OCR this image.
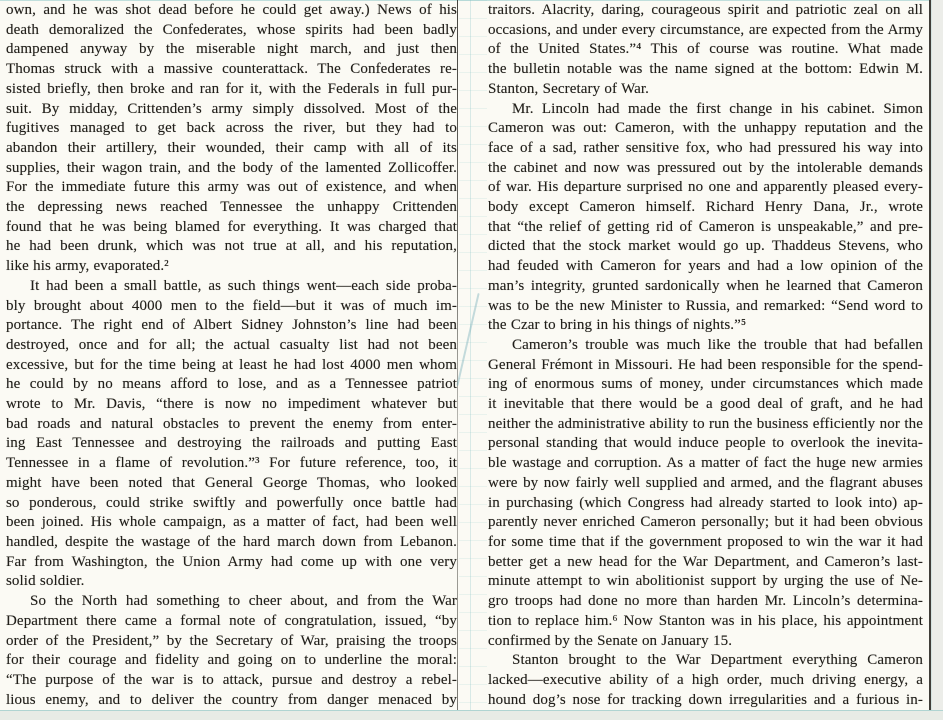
own, and he was shot dead before he could get away.) News of his
death demoralized the Confederates, whose spirits had been badly
dampened anyway by the miserable night march, and just then
Thomas struck with a massive counterattack. The Confederates re-
sisted briefly, then broke and ran for it, with the Federals in full pur-
suit. By midday, Crittenden’s army simply dissolved. Most of the
fugitives managed to get back across the river, but they had to
abandon their artillery, their wounded, their camp with all of its
supplies, their wagon train, and the body of the lamented Zollicoffer.
For the immediate future this army was out of existence, and when
the depressing news reached Tennessee the unhappy Crittenden
found that he was being blamed for everything. It was charged that
he had been drunk, which was not true at all, and his reputation,
like his army, evaporated.²
It had been a small battle, as such things went—each side proba-
bly brought about 4000 men to the field—but it was of much im-
portance. The right end of Albert Sidney Johnston’s line had been
destroyed, once and for all; the actual casualty list had not been
excessive, but for the time being at least he had lost 4000 men whom
he could by no means afford to lose, and as a Tennessee patriot
wrote to Mr. Davis, “there is now no impediment whatever but
bad roads and natural obstacles to prevent the enemy from enter-
ing East Tennessee and destroying the railroads and putting East
Tennessee in a flame of revolution.”³ For future reference, too, it
might have been noted that General George Thomas, who looked
so ponderous, could strike swiftly and powerfully once battle had
been joined. His whole campaign, as a matter of fact, had been well
handled, despite the wastage of the hard march down from Lebanon.
Far from Washington, the Union Army had come up with one very
solid soldier.
So the North had something to cheer about, and from the War
Department there came a formal note of congratulation, issued, “by
order of the President,” by the Secretary of War, praising the troops
for their courage and fidelity and going on to underline the moral:
“The purpose of the war is to attack, pursue and destroy a rebel-
lious enemy, and to deliver the country from danger menaced by
traitors. Alacrity, daring, courageous spirit and patriotic zeal on all
occasions, and under every circumstance, are expected from the Army
of the United States.”⁴ This of course was routine. What made
the bulletin notable was the name signed at the bottom: Edwin M.
Stanton, Secretary of War.
Mr. Lincoln had made the first change in his cabinet. Simon
Cameron was out: Cameron, with the unhappy reputation and the
face of a sad, rather sensitive fox, who had pressured his way into
the cabinet and now was pressured out by the intolerable demands
of war. His departure surprised no one and apparently pleased every-
body except Cameron himself. Richard Henry Dana, Jr., wrote
that “the relief of getting rid of Cameron is unspeakable,” and pre-
dicted that the stock market would go up. Thaddeus Stevens, who
had feuded with Cameron for years and had a low opinion of the
man’s integrity, grunted sardonically when he learned that Cameron
was to be the new Minister to Russia, and remarked: “Send word to
the Czar to bring in his things of nights.”⁵
Cameron’s trouble was much like the trouble that had befallen
General Frémont in Missouri. He had been responsible for the spend-
ing of enormous sums of money, under circumstances which made
it inevitable that there would be a good deal of graft, and he had
neither the administrative ability to run the business efficiently nor the
personal standing that would induce people to overlook the inevita-
ble wastage and corruption. As a matter of fact the huge new armies
were by now fairly well supplied and armed, and the flagrant abuses
in purchasing (which Congress had already started to look into) ap-
parently never enriched Cameron personally; but it had been obvious
for some time that if the government proposed to win the war it had
better get a new head for the War Department, and Cameron’s last-
minute attempt to win abolitionist support by urging the use of Ne-
gro troops had done no more than harden Mr. Lincoln’s determina-
tion to replace him.⁶ Now Stanton was in his place, his appointment
confirmed by the Senate on January 15.
Stanton brought to the War Department everything Cameron
lacked—executive ability of a high order, much driving energy, a
hound dog’s nose for tracking down irregularities and a furious in-
